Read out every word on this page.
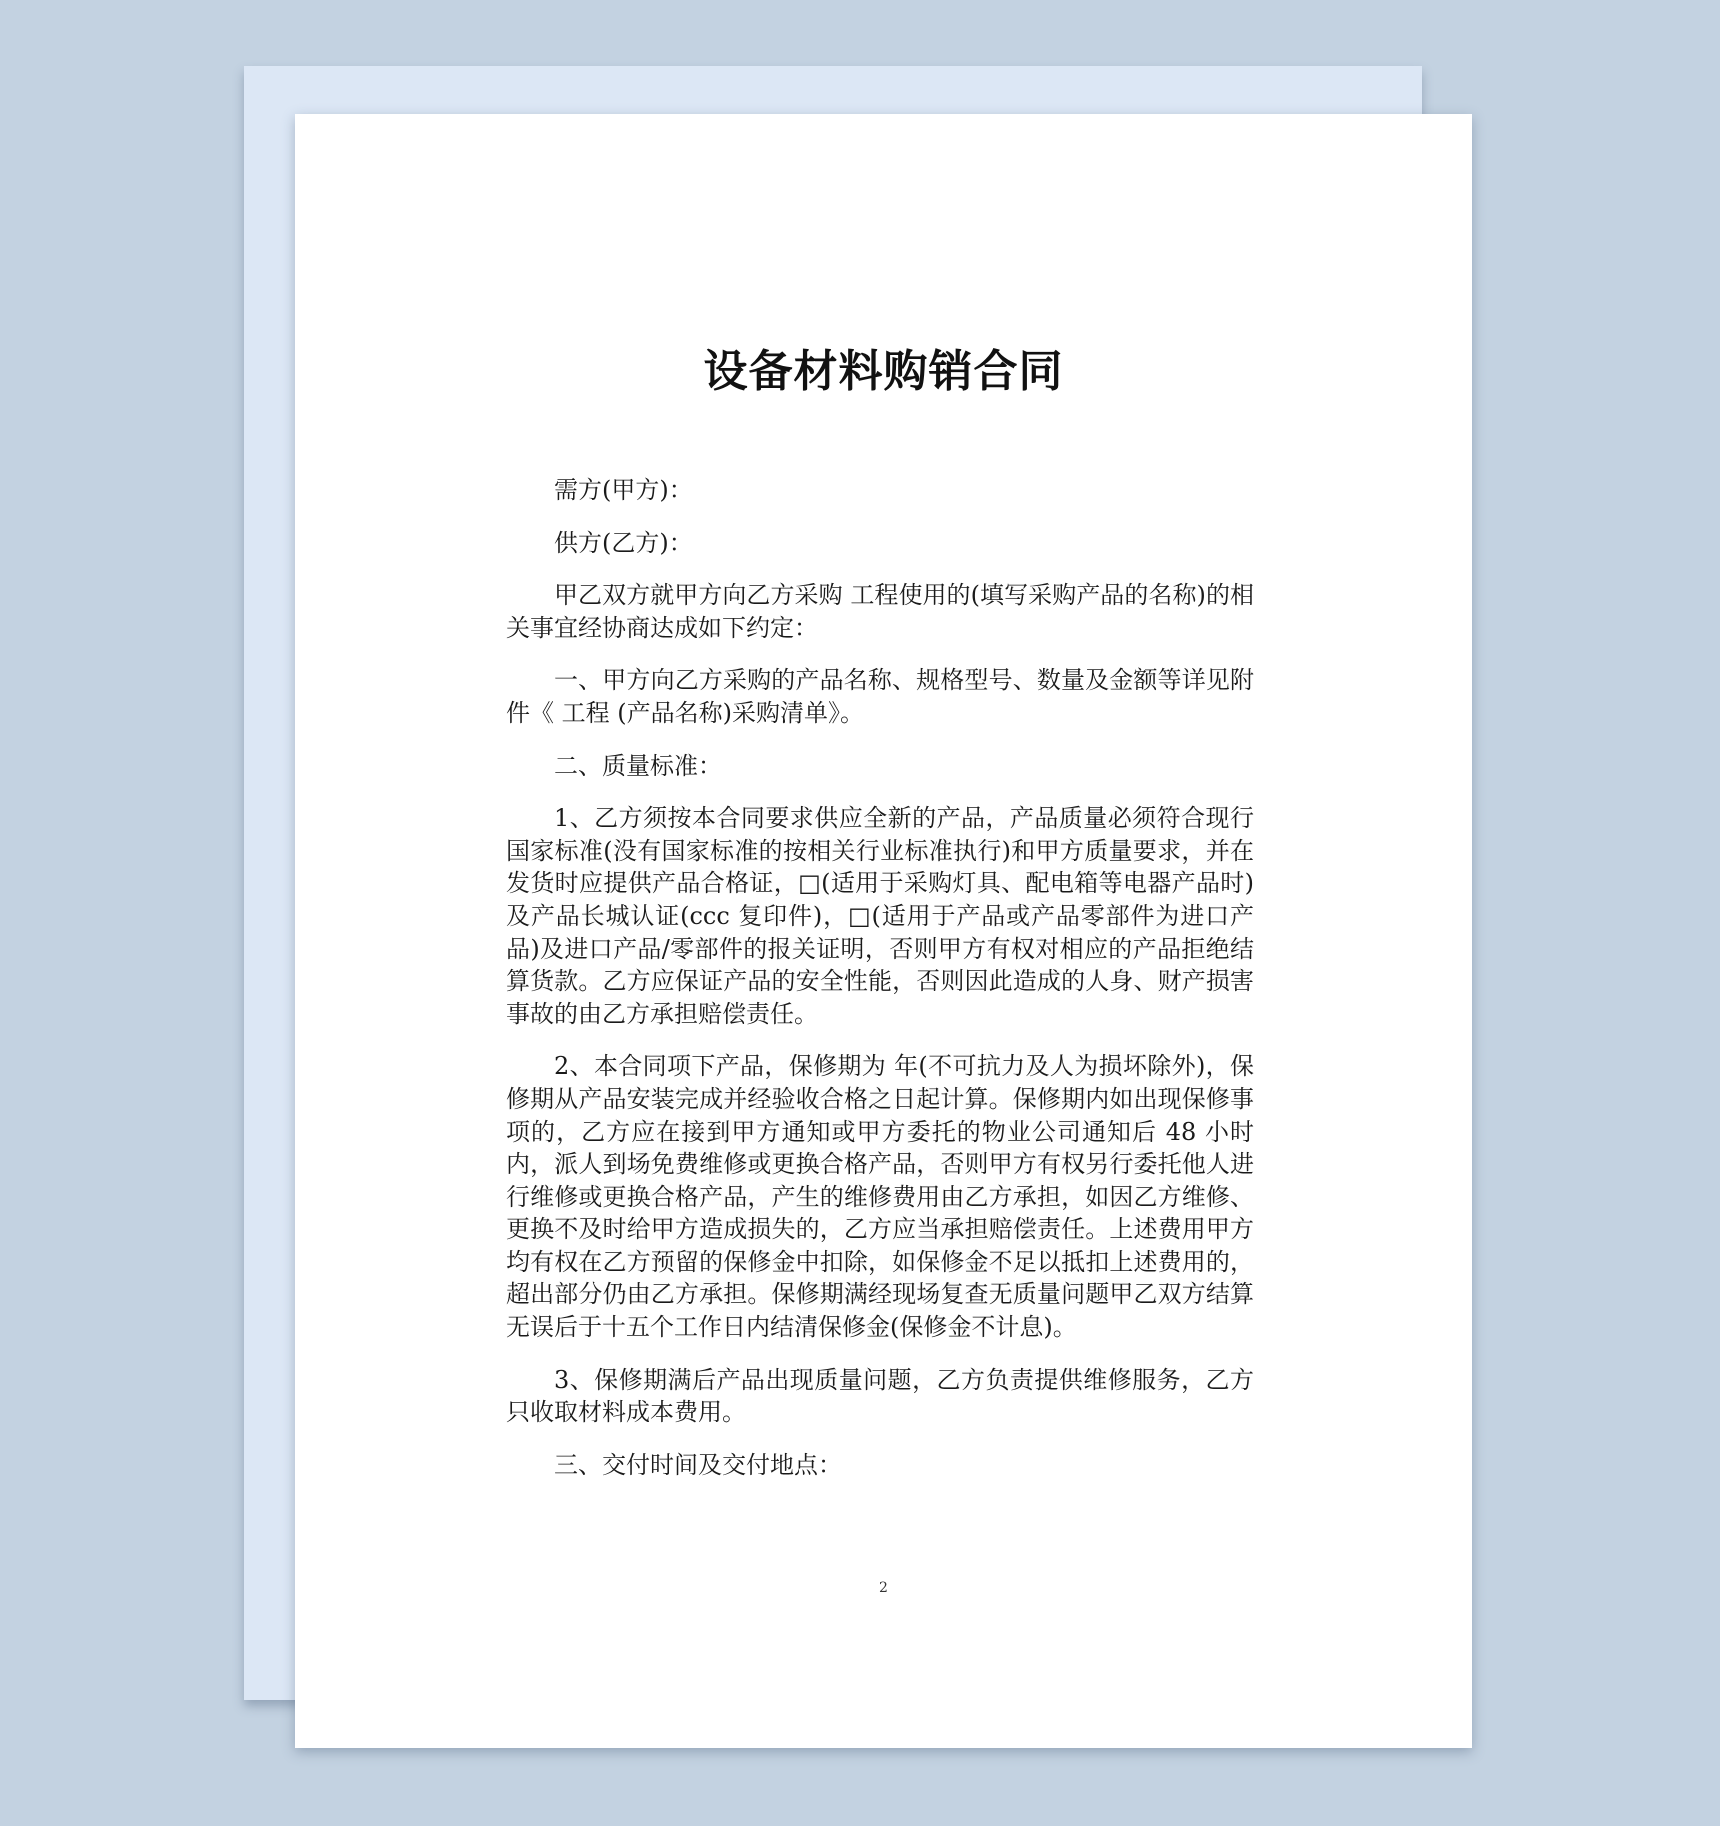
设备材料购销合同

需方(甲方)：

供方(乙方)：

甲乙双方就甲方向乙方采购 工程使用的(填写采购产品的名称)的相关事宜经协商达成如下约定：

一、甲方向乙方采购的产品名称、规格型号、数量及金额等详见附件《 工程 (产品名称)采购清单》。

二、质量标准：

1、乙方须按本合同要求供应全新的产品，产品质量必须符合现行国家标准(没有国家标准的按相关行业标准执行)和甲方质量要求，并在发货时应提供产品合格证，□(适用于采购灯具、配电箱等电器产品时)及产品长城认证(ccc 复印件)，□(适用于产品或产品零部件为进口产品)及进口产品/零部件的报关证明，否则甲方有权对相应的产品拒绝结算货款。乙方应保证产品的安全性能，否则因此造成的人身、财产损害事故的由乙方承担赔偿责任。

2、本合同项下产品，保修期为 年(不可抗力及人为损坏除外)，保修期从产品安装完成并经验收合格之日起计算。保修期内如出现保修事项的，乙方应在接到甲方通知或甲方委托的物业公司通知后 48 小时内，派人到场免费维修或更换合格产品，否则甲方有权另行委托他人进行维修或更换合格产品，产生的维修费用由乙方承担，如因乙方维修、更换不及时给甲方造成损失的，乙方应当承担赔偿责任。上述费用甲方均有权在乙方预留的保修金中扣除，如保修金不足以抵扣上述费用的，超出部分仍由乙方承担。保修期满经现场复查无质量问题甲乙双方结算无误后于十五个工作日内结清保修金(保修金不计息)。

3、保修期满后产品出现质量问题，乙方负责提供维修服务，乙方只收取材料成本费用。

三、交付时间及交付地点：

2
